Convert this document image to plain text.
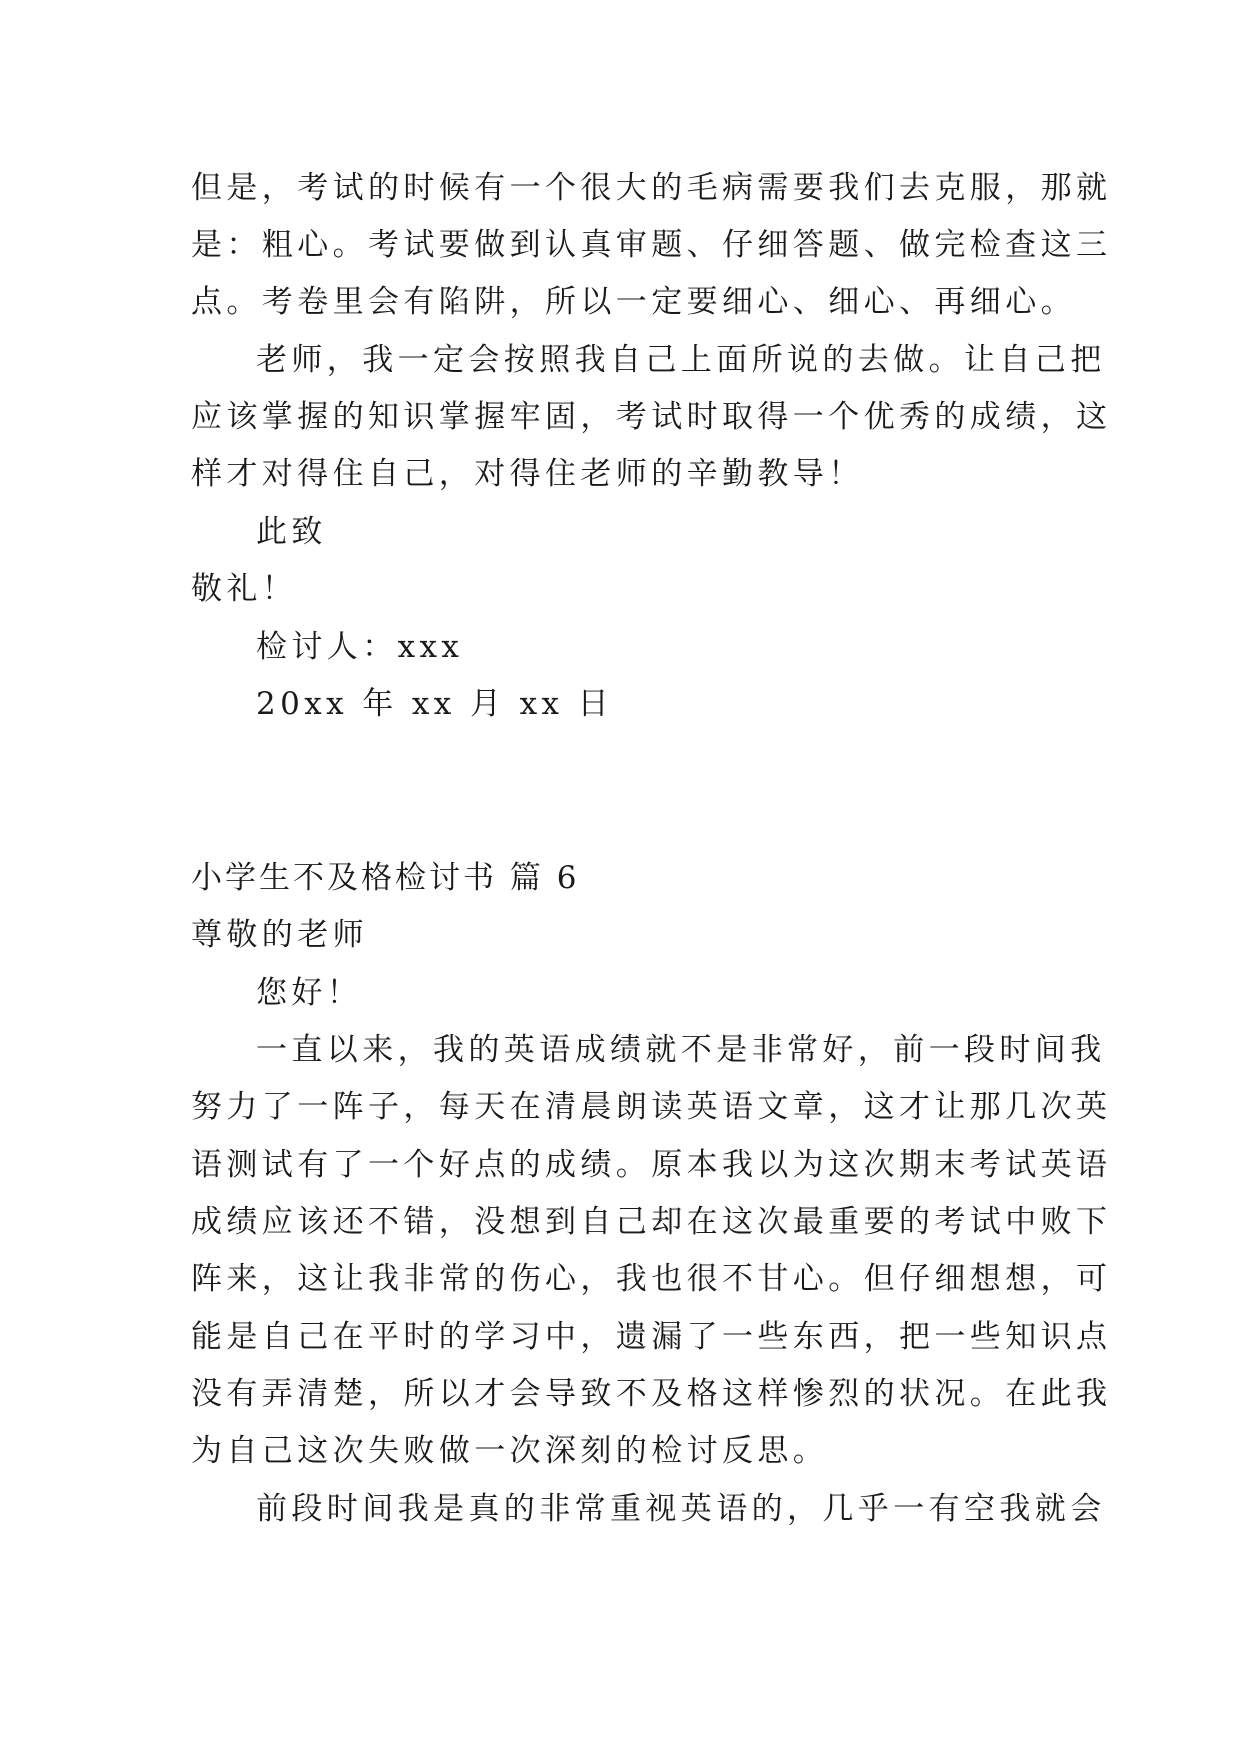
但是，考试的时候有一个很大的毛病需要我们去克服，那就
是：粗心。考试要做到认真审题、仔细答题、做完检查这三
点。考卷里会有陷阱，所以一定要细心、细心、再细心。
老师，我一定会按照我自己上面所说的去做。让自己把
应该掌握的知识掌握牢固，考试时取得一个优秀的成绩，这
样才对得住自己，对得住老师的辛勤教导！
此致
敬礼！
检讨人：xxx
20xx 年 xx 月 xx 日
小学生不及格检讨书 篇 6
尊敬的老师
您好！
一直以来，我的英语成绩就不是非常好，前一段时间我
努力了一阵子，每天在清晨朗读英语文章，这才让那几次英
语测试有了一个好点的成绩。原本我以为这次期末考试英语
成绩应该还不错，没想到自己却在这次最重要的考试中败下
阵来，这让我非常的伤心，我也很不甘心。但仔细想想，可
能是自己在平时的学习中，遗漏了一些东西，把一些知识点
没有弄清楚，所以才会导致不及格这样惨烈的状况。在此我
为自己这次失败做一次深刻的检讨反思。
前段时间我是真的非常重视英语的，几乎一有空我就会
